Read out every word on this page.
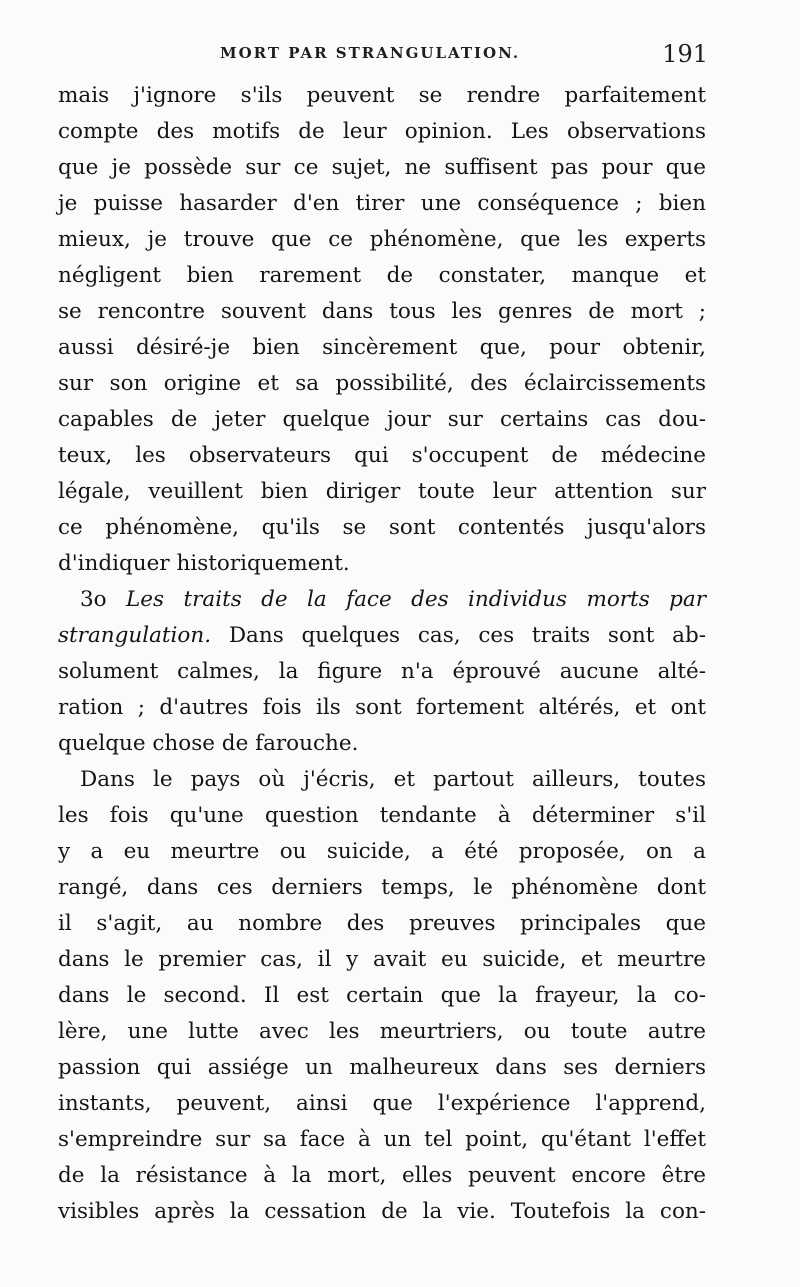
MORT PAR STRANGULATION.	191
mais j'ignore s'ils peuvent se rendre parfaitement
compte des motifs de leur opinion. Les observations
que je possède sur ce sujet, ne suffisent pas pour que
je puisse hasarder d'en tirer une conséquence ; bien
mieux, je trouve que ce phénomène, que les experts
négligent bien rarement de constater, manque et
se rencontre souvent dans tous les genres de mort ;
aussi désiré-je bien sincèrement que, pour obtenir,
sur son origine et sa possibilité, des éclaircissements
capables de jeter quelque jour sur certains cas dou-
teux, les observateurs qui s'occupent de médecine
légale, veuillent bien diriger toute leur attention sur
ce phénomène, qu'ils se sont contentés jusqu'alors
d'indiquer historiquement.
3o Les traits de la face des individus morts par
strangulation. Dans quelques cas, ces traits sont ab-
solument calmes, la figure n'a éprouvé aucune alté-
ration ; d'autres fois ils sont fortement altérés, et ont
quelque chose de farouche.
Dans le pays où j'écris, et partout ailleurs, toutes
les fois qu'une question tendante à déterminer s'il
y a eu meurtre ou suicide, a été proposée, on a
rangé, dans ces derniers temps, le phénomène dont
il s'agit, au nombre des preuves principales que
dans le premier cas, il y avait eu suicide, et meurtre
dans le second. Il est certain que la frayeur, la co-
lère, une lutte avec les meurtriers, ou toute autre
passion qui assiége un malheureux dans ses derniers
instants, peuvent, ainsi que l'expérience l'apprend,
s'empreindre sur sa face à un tel point, qu'étant l'effet
de la résistance à la mort, elles peuvent encore être
visibles après la cessation de la vie. Toutefois la con-
